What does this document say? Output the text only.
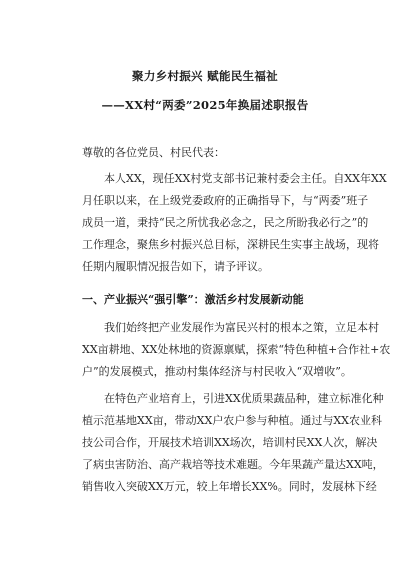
聚力乡村振兴 赋能民生福祉
——XX村“两委”2025年换届述职报告
尊敬的各位党员、村民代表：
本人XX，现任XX村党支部书记兼村委会主任。自XX年XX
月任职以来，在上级党委政府的正确指导下，与“两委”班子
成员一道，秉持“民之所忧我必念之，民之所盼我必行之”的
工作理念，聚焦乡村振兴总目标，深耕民生实事主战场，现将
任期内履职情况报告如下，请予评议。
一、产业振兴“强引擎”：激活乡村发展新动能
我们始终把产业发展作为富民兴村的根本之策，立足本村
XX亩耕地、XX处林地的资源禀赋，探索“特色种植+合作社+农
户”的发展模式，推动村集体经济与村民收入“双增收”。
在特色产业培育上，引进XX优质果蔬品种，建立标准化种
植示范基地XX亩，带动XX户农户参与种植。通过与XX农业科
技公司合作，开展技术培训XX场次，培训村民XX人次，解决
了病虫害防治、高产栽培等技术难题。今年果蔬产量达XX吨，
销售收入突破XX万元，较上年增长XX%。同时，发展林下经
